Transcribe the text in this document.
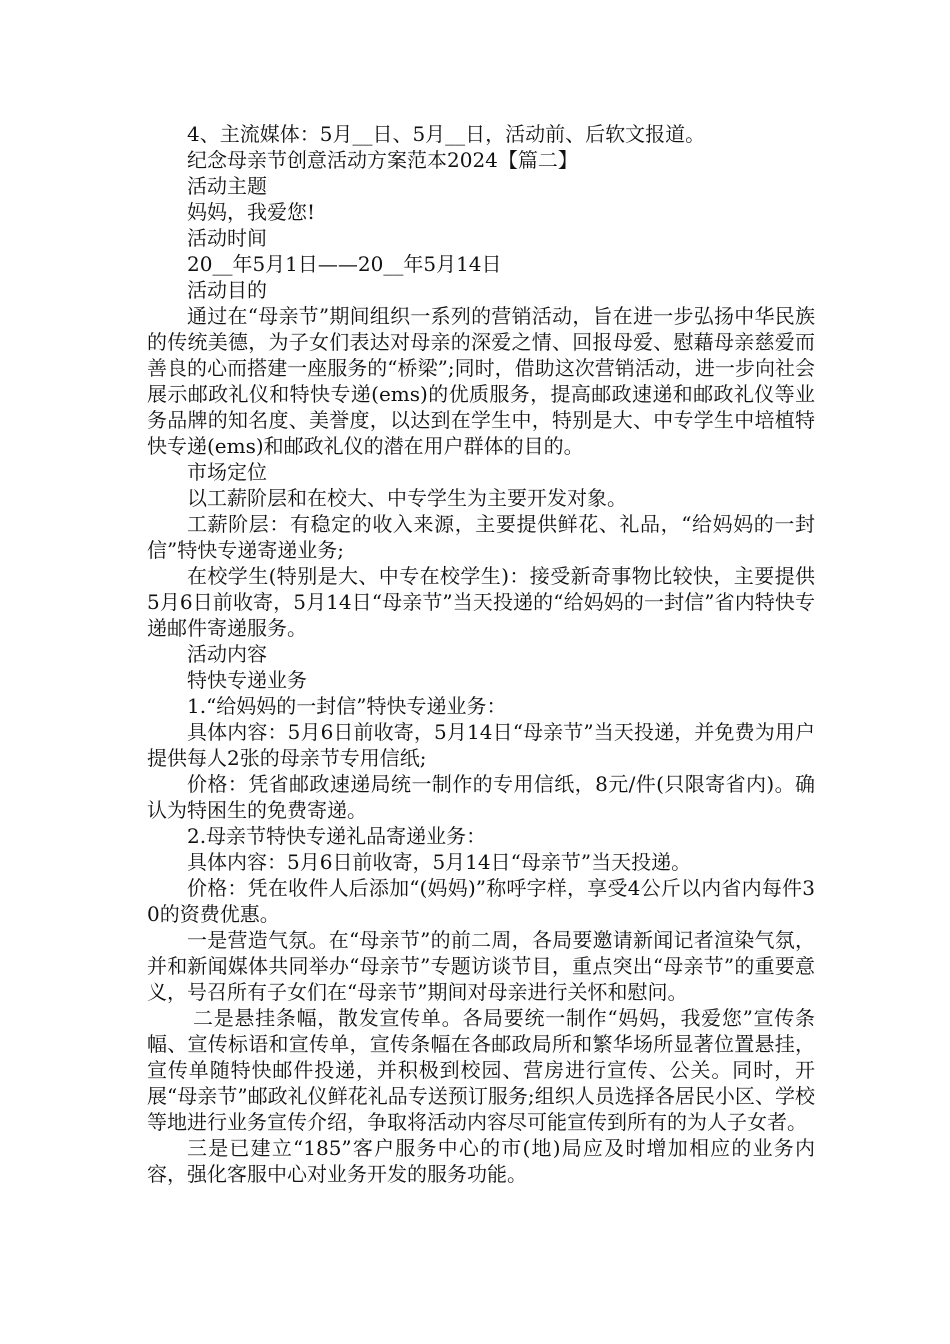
4、主流媒体：5月__日、5月__日，活动前、后软文报道。

纪念母亲节创意活动方案范本2024【篇二】

活动主题

妈妈，我爱您!

活动时间

20__年5月1日——20__年5月14日

活动目的

通过在“母亲节”期间组织一系列的营销活动，旨在进一步弘扬中华民族的传统美德，为子女们表达对母亲的深爱之情、回报母爱、慰藉母亲慈爱而善良的心而搭建一座服务的“桥梁”;同时，借助这次营销活动，进一步向社会展示邮政礼仪和特快专递(ems)的优质服务，提高邮政速递和邮政礼仪等业务品牌的知名度、美誉度，以达到在学生中，特别是大、中专学生中培植特快专递(ems)和邮政礼仪的潜在用户群体的目的。

市场定位

以工薪阶层和在校大、中专学生为主要开发对象。

工薪阶层：有稳定的收入来源，主要提供鲜花、礼品，“给妈妈的一封信”特快专递寄递业务;

在校学生(特别是大、中专在校学生)：接受新奇事物比较快，主要提供5月6日前收寄，5月14日“母亲节”当天投递的“给妈妈的一封信”省内特快专递邮件寄递服务。

活动内容

特快专递业务

1.“给妈妈的一封信”特快专递业务：

具体内容：5月6日前收寄，5月14日“母亲节”当天投递，并免费为用户提供每人2张的母亲节专用信纸;

价格：凭省邮政速递局统一制作的专用信纸，8元/件(只限寄省内)。确认为特困生的免费寄递。

2.母亲节特快专递礼品寄递业务：

具体内容：5月6日前收寄，5月14日“母亲节”当天投递。

价格：凭在收件人后添加“(妈妈)”称呼字样，享受4公斤以内省内每件30的资费优惠。

一是营造气氛。在“母亲节”的前二周，各局要邀请新闻记者渲染气氛，并和新闻媒体共同举办“母亲节”专题访谈节目，重点突出“母亲节”的重要意义，号召所有子女们在“母亲节”期间对母亲进行关怀和慰问。

二是悬挂条幅，散发宣传单。各局要统一制作“妈妈，我爱您”宣传条幅、宣传标语和宣传单，宣传条幅在各邮政局所和繁华场所显著位置悬挂，宣传单随特快邮件投递，并积极到校园、营房进行宣传、公关。同时，开展“母亲节”邮政礼仪鲜花礼品专送预订服务;组织人员选择各居民小区、学校等地进行业务宣传介绍，争取将活动内容尽可能宣传到所有的为人子女者。

三是已建立“185”客户服务中心的市(地)局应及时增加相应的业务内容，强化客服中心对业务开发的服务功能。
